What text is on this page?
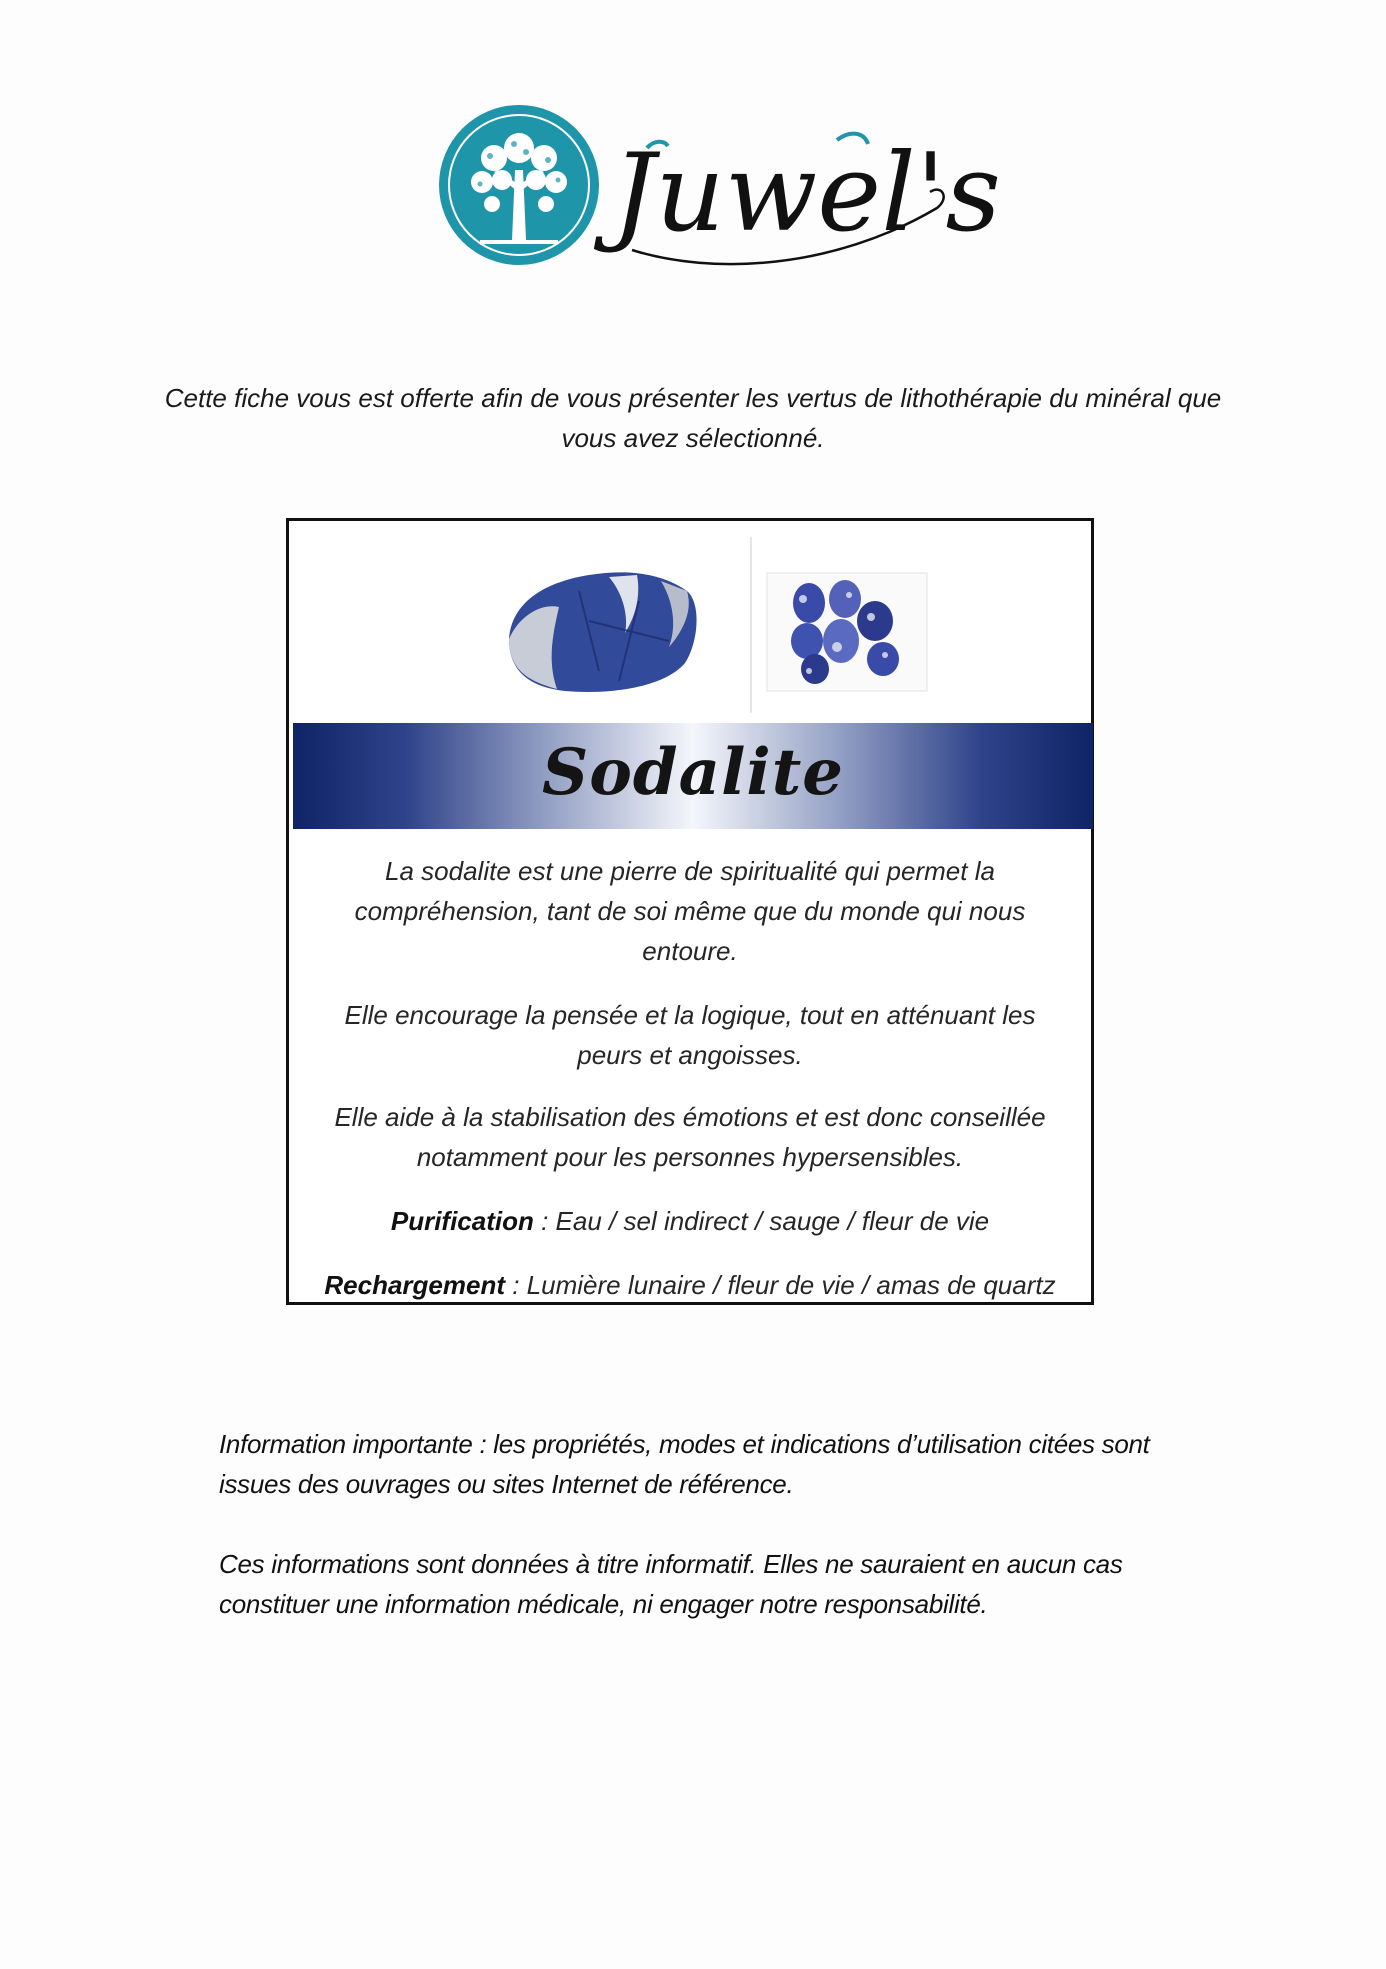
Juwel's

Cette fiche vous est offerte afin de vous présenter les vertus de lithothérapie du minéral que vous avez sélectionné.

Sodalite

La sodalite est une pierre de spiritualité qui permet la compréhension, tant de soi même que du monde qui nous entoure.

Elle encourage la pensée et la logique, tout en atténuant les peurs et angoisses.

Elle aide à la stabilisation des émotions et est donc conseillée notamment pour les personnes hypersensibles.

Purification : Eau / sel indirect / sauge / fleur de vie

Rechargement : Lumière lunaire / fleur de vie / amas de quartz

Information importante : les propriétés, modes et indications d’utilisation citées sont issues des ouvrages ou sites Internet de référence.

Ces informations sont données à titre informatif. Elles ne sauraient en aucun cas constituer une information médicale, ni engager notre responsabilité.
